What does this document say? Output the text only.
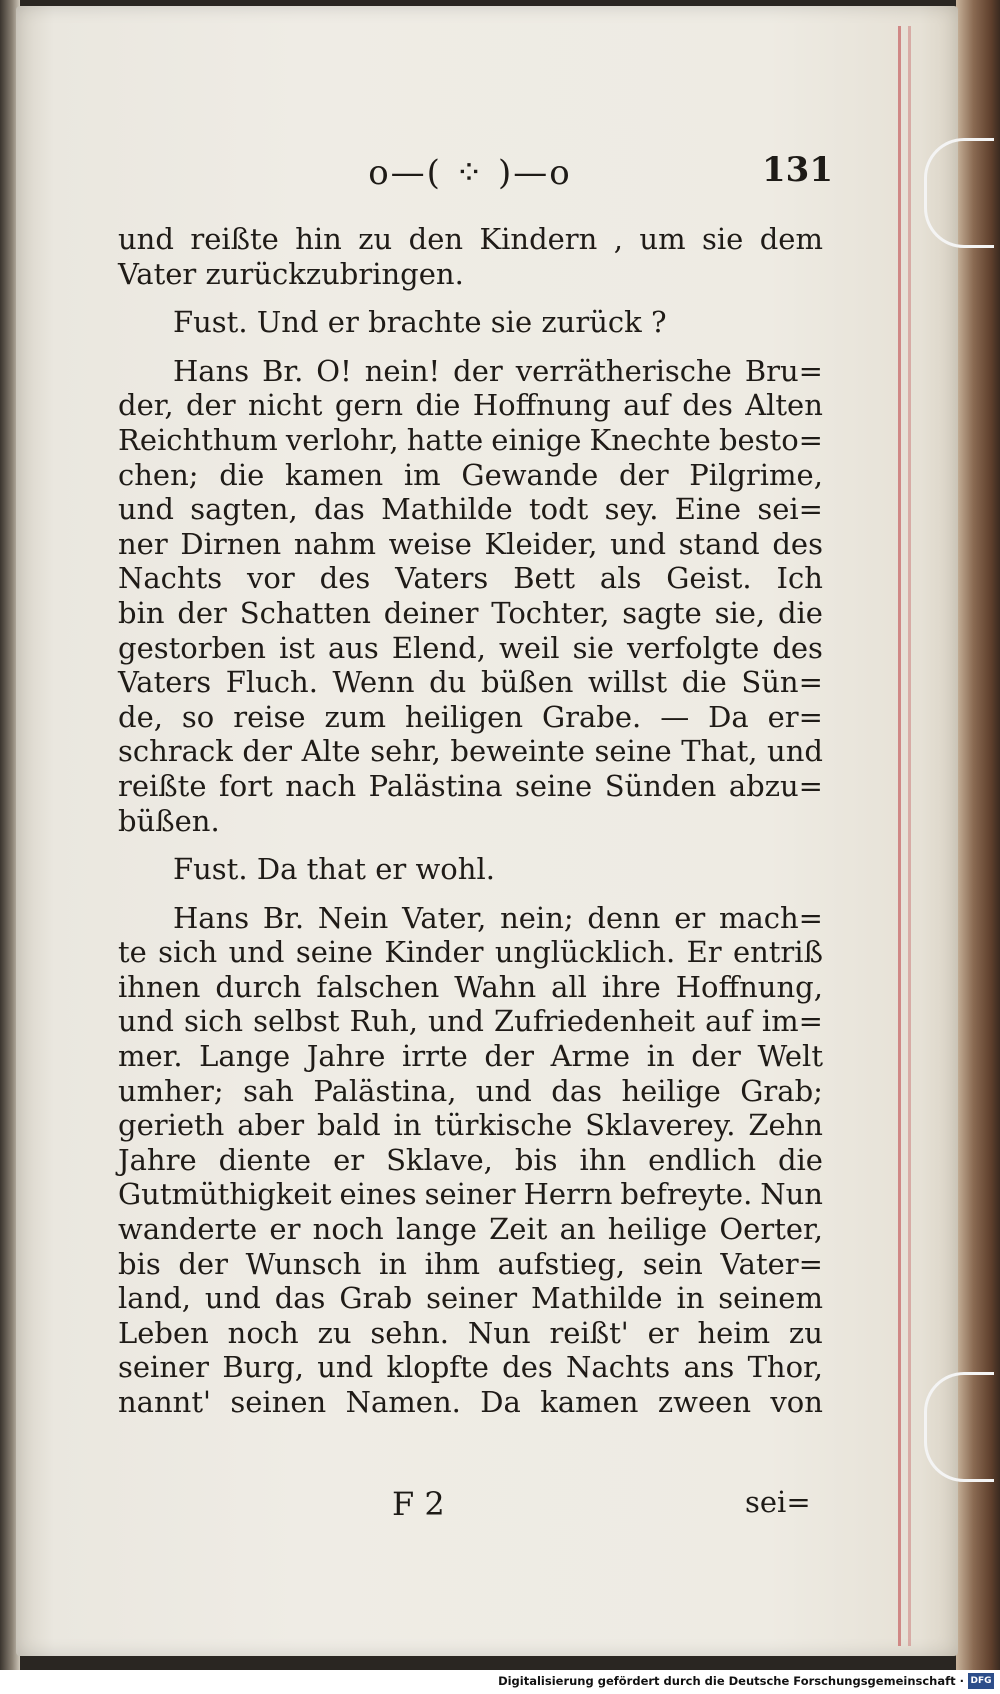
o—( ⁘ )—o	131
und reißte hin zu den Kindern , um sie dem
Vater zurückzubringen.
Fust. Und er brachte sie zurück ?
Hans Br. O! nein! der verrätherische Bru=
der, der nicht gern die Hoffnung auf des Alten
Reichthum verlohr, hatte einige Knechte besto=
chen; die kamen im Gewande der Pilgrime,
und sagten, das Mathilde todt sey. Eine sei=
ner Dirnen nahm weise Kleider, und stand des
Nachts vor des Vaters Bett als Geist. Ich
bin der Schatten deiner Tochter, sagte sie, die
gestorben ist aus Elend, weil sie verfolgte des
Vaters Fluch. Wenn du büßen willst die Sün=
de, so reise zum heiligen Grabe. — Da er=
schrack der Alte sehr, beweinte seine That, und
reißte fort nach Palästina seine Sünden abzu=
büßen.
Fust. Da that er wohl.
Hans Br. Nein Vater, nein; denn er mach=
te sich und seine Kinder unglücklich. Er entriß
ihnen durch falschen Wahn all ihre Hoffnung,
und sich selbst Ruh, und Zufriedenheit auf im=
mer. Lange Jahre irrte der Arme in der Welt
umher; sah Palästina, und das heilige Grab;
gerieth aber bald in türkische Sklaverey. Zehn
Jahre diente er Sklave, bis ihn endlich die
Gutmüthigkeit eines seiner Herrn befreyte. Nun
wanderte er noch lange Zeit an heilige Oerter,
bis der Wunsch in ihm aufstieg, sein Vater=
land, und das Grab seiner Mathilde in seinem
Leben noch zu sehn. Nun reißt' er heim zu
seiner Burg, und klopfte des Nachts ans Thor,
nannt' seinen Namen. Da kamen zween von
F 2	sei=
Digitalisierung gefördert durch die Deutsche Forschungsgemeinschaft · DFG
